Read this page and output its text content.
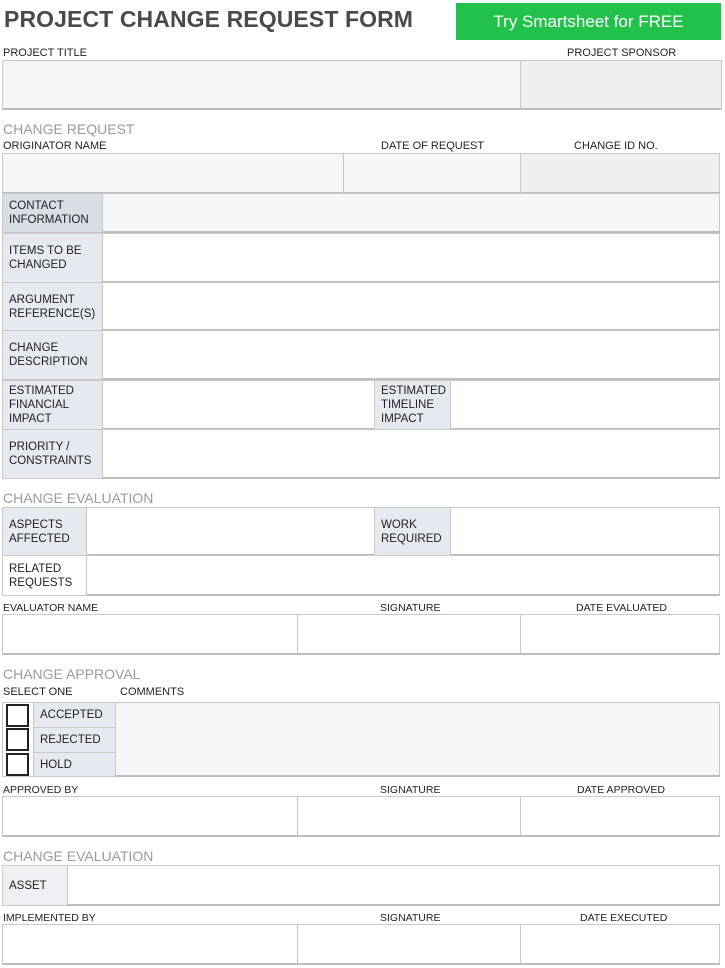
PROJECT CHANGE REQUEST FORM	Try Smartsheet for FREE
PROJECT TITLE	PROJECT SPONSOR
CHANGE REQUEST
ORIGINATOR NAME	DATE OF REQUEST	CHANGE ID NO.
CONTACT INFORMATION
ITEMS TO BE CHANGED
ARGUMENT REFERENCE(S)
CHANGE DESCRIPTION
ESTIMATED FINANCIAL IMPACT
ESTIMATED TIMELINE IMPACT
PRIORITY / CONSTRAINTS
CHANGE EVALUATION
ASPECTS AFFECTED
WORK REQUIRED
RELATED REQUESTS
EVALUATOR NAME	SIGNATURE	DATE EVALUATED
CHANGE APPROVAL
SELECT ONE	COMMENTS
ACCEPTED
REJECTED
HOLD
APPROVED BY	SIGNATURE	DATE APPROVED
CHANGE EVALUATION
ASSET
IMPLEMENTED BY	SIGNATURE	DATE EXECUTED
